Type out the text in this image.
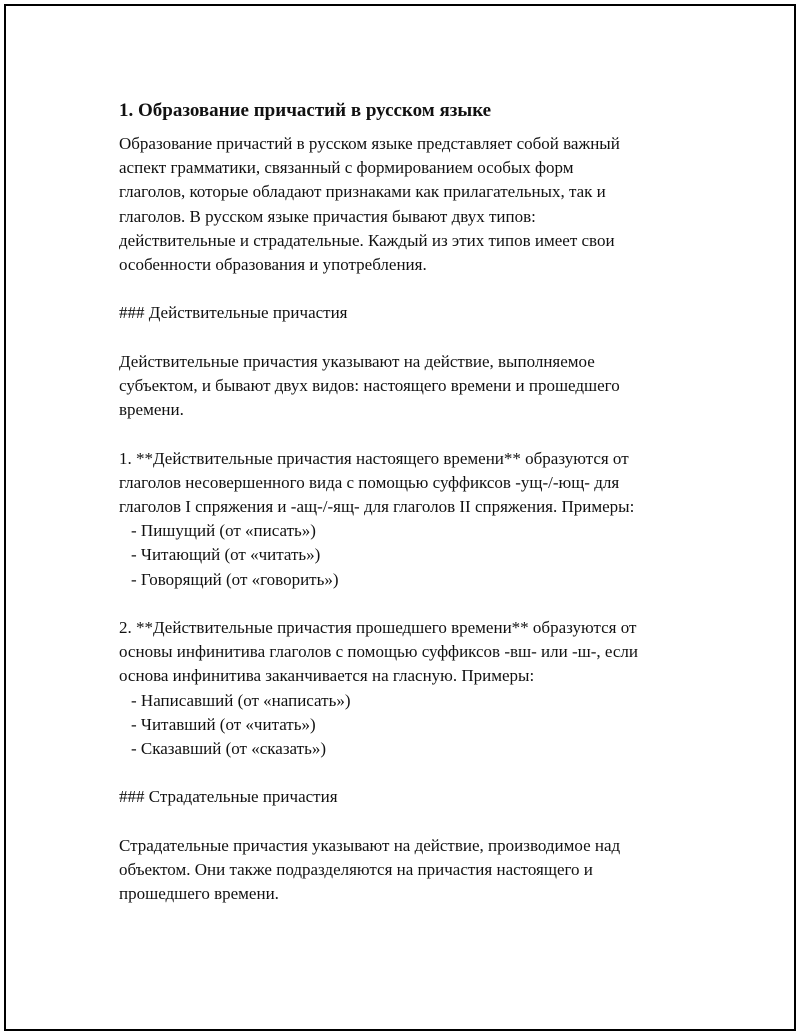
1. Образование причастий в русском языке

Образование причастий в русском языке представляет собой важный
аспект грамматики, связанный с формированием особых форм
глаголов, которые обладают признаками как прилагательных, так и
глаголов. В русском языке причастия бывают двух типов:
действительные и страдательные. Каждый из этих типов имеет свои
особенности образования и употребления.

### Действительные причастия

Действительные причастия указывают на действие, выполняемое
субъектом, и бывают двух видов: настоящего времени и прошедшего
времени.

1. **Действительные причастия настоящего времени** образуются от
глаголов несовершенного вида с помощью суффиксов -ущ-/-ющ- для
глаголов I спряжения и -ащ-/-ящ- для глаголов II спряжения. Примеры:

- Пишущий (от «писать»)

- Читающий (от «читать»)

- Говорящий (от «говорить»)

2. **Действительные причастия прошедшего времени** образуются от
основы инфинитива глаголов с помощью суффиксов -вш- или -ш-, если
основа инфинитива заканчивается на гласную. Примеры:

- Написавший (от «написать»)

- Читавший (от «читать»)

- Сказавший (от «сказать»)

### Страдательные причастия

Страдательные причастия указывают на действие, производимое над
объектом. Они также подразделяются на причастия настоящего и
прошедшего времени.
